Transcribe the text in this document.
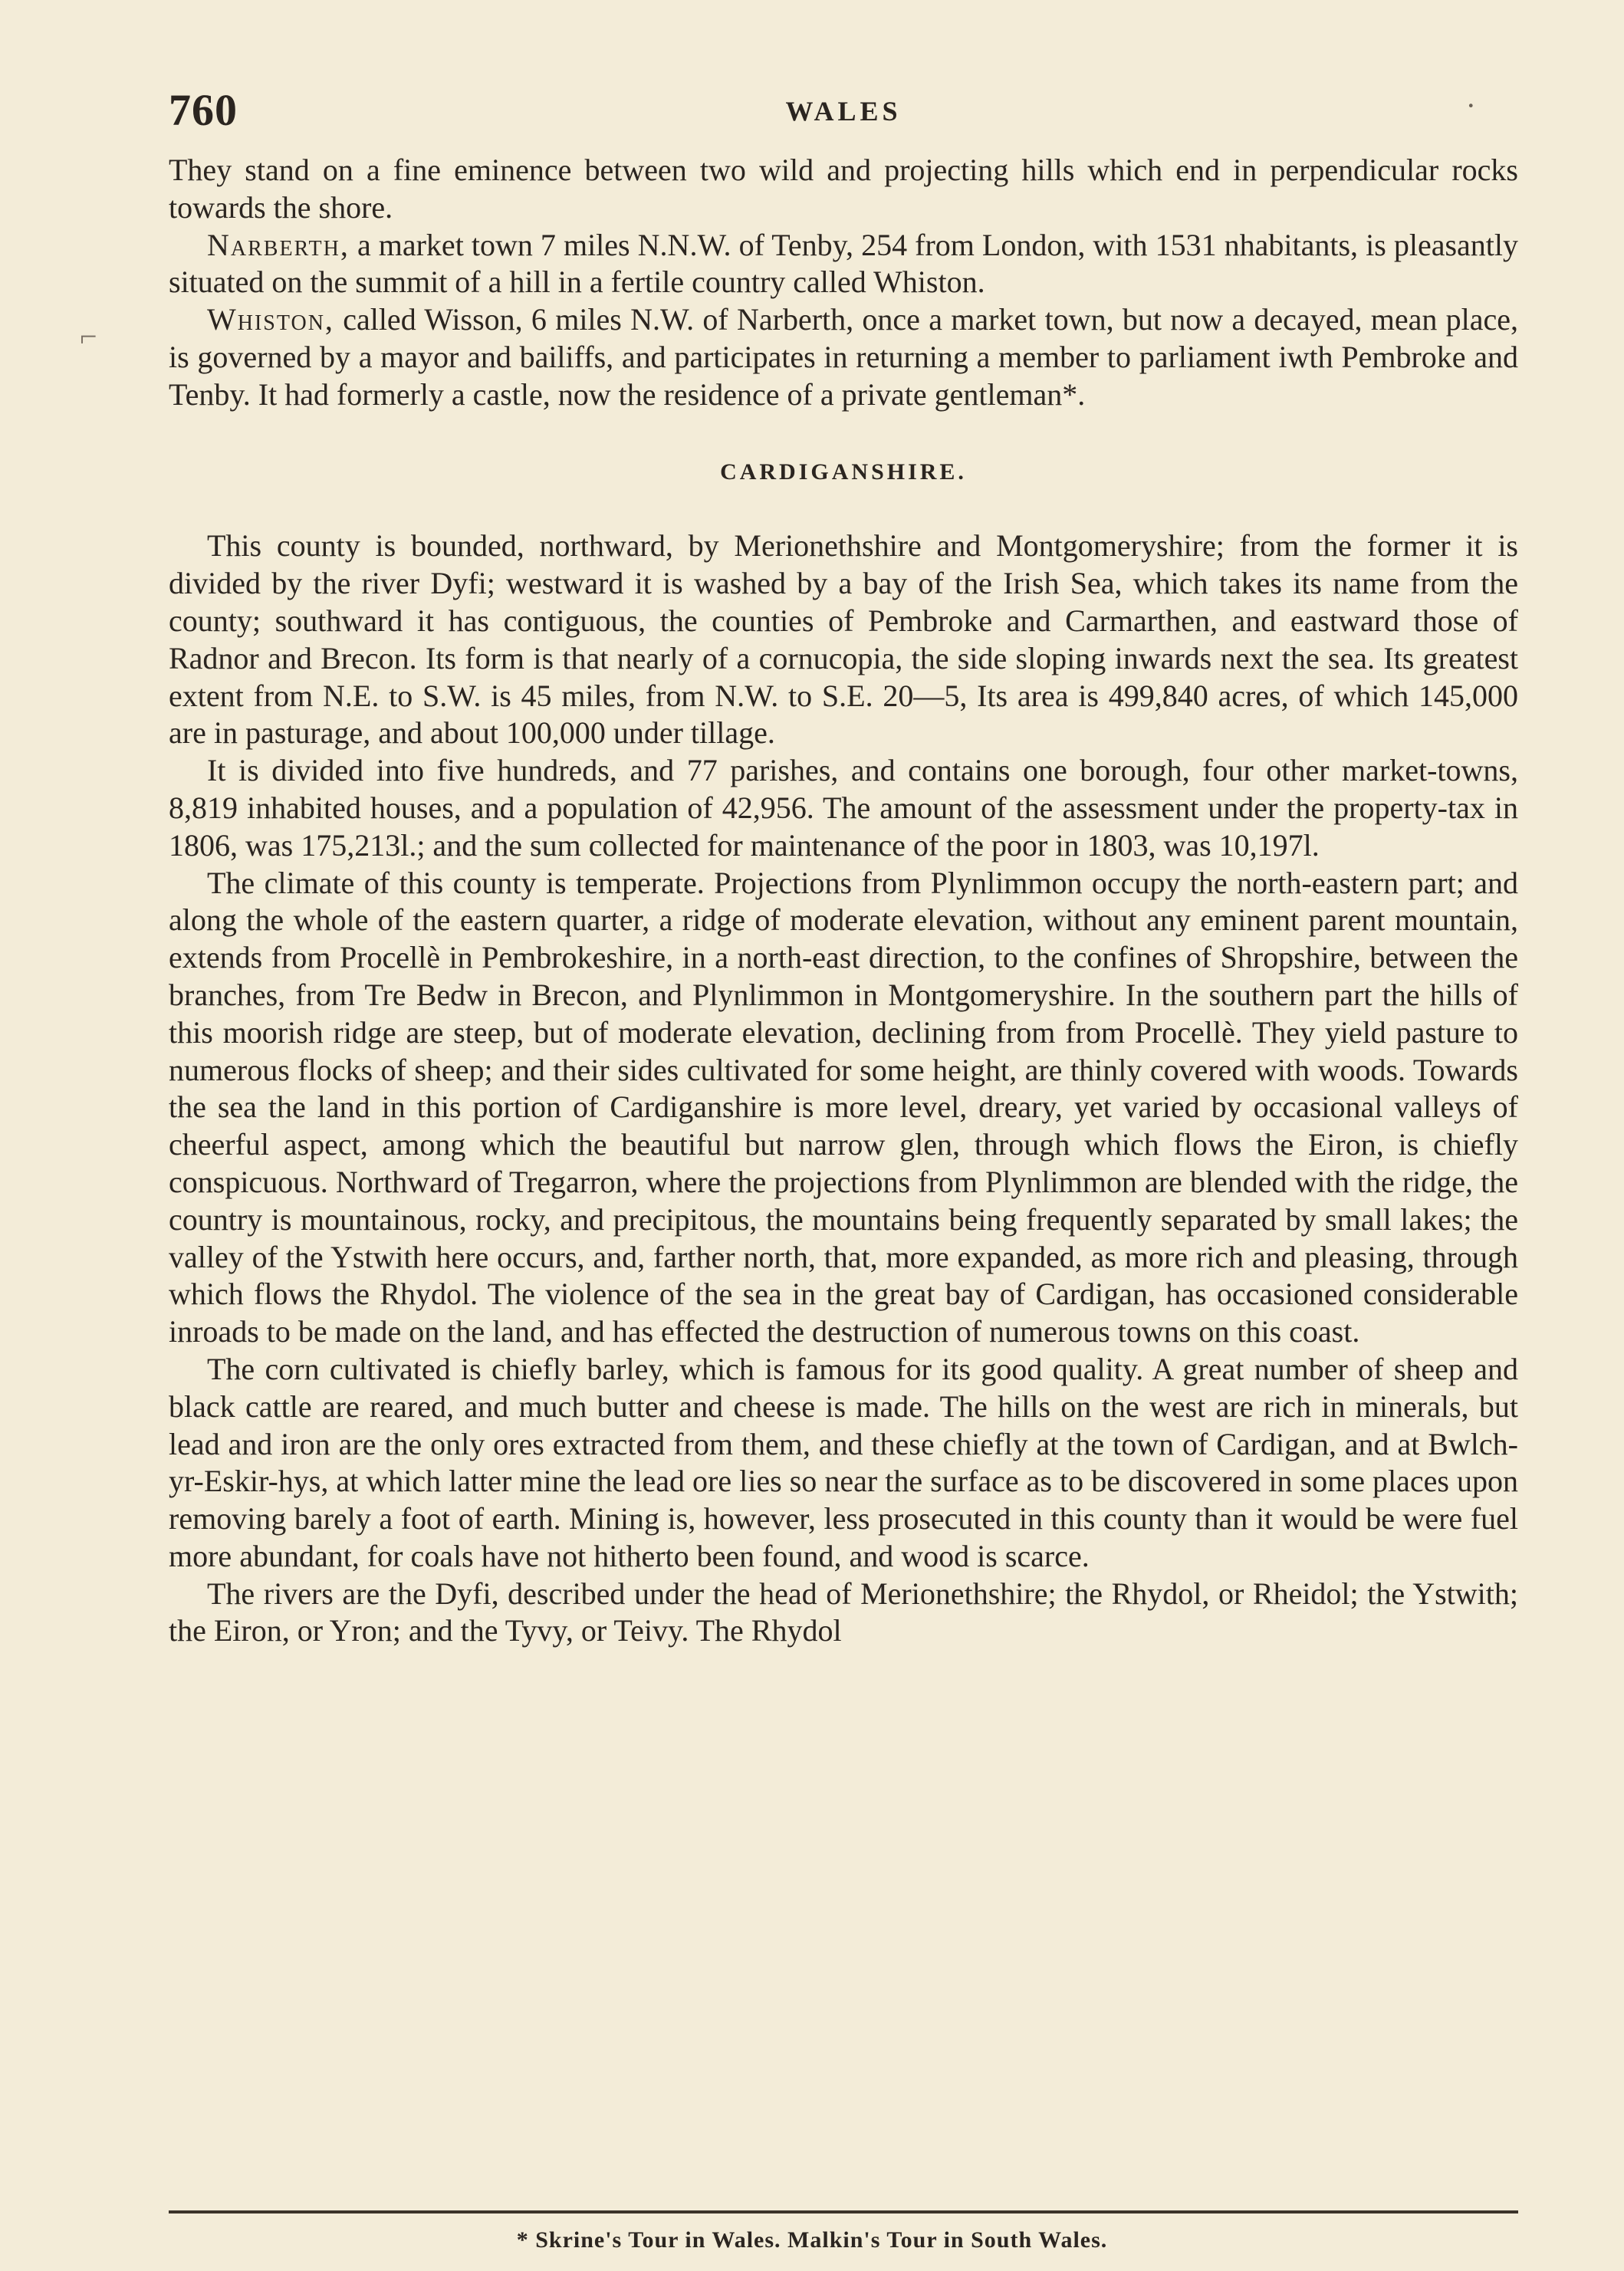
760	WALES	·
⌐

They stand on a fine eminence between two wild and projecting hills which end in perpendicular rocks towards the shore.

Narberth, a market town 7 miles N.N.W. of Tenby, 254 from London, with 1531 nhabitants, is pleasantly situated on the summit of a hill in a fertile country called Whiston.

Whiston, called Wisson, 6 miles N.W. of Narberth, once a market town, but now a decayed, mean place, is governed by a mayor and bailiffs, and participates in returning a member to parliament iwth Pembroke and Tenby. It had formerly a castle, now the residence of a private gentleman*.

CARDIGANSHIRE.

This county is bounded, northward, by Merionethshire and Montgomeryshire; from the former it is divided by the river Dyfi; westward it is washed by a bay of the Irish Sea, which takes its name from the county; southward it has contiguous, the counties of Pembroke and Carmarthen, and eastward those of Radnor and Brecon. Its form is that nearly of a cornucopia, the side sloping inwards next the sea. Its greatest extent from N.E. to S.W. is 45 miles, from N.W. to S.E. 20—5, Its area is 499,840 acres, of which 145,000 are in pasturage, and about 100,000 under tillage.

It is divided into five hundreds, and 77 parishes, and contains one borough, four other market-towns, 8,819 inhabited houses, and a population of 42,956. The amount of the assessment under the property-tax in 1806, was 175,213l.; and the sum collected for maintenance of the poor in 1803, was 10,197l.

The climate of this county is temperate. Projections from Plynlimmon occupy the north-eastern part; and along the whole of the eastern quarter, a ridge of moderate elevation, without any eminent parent mountain, extends from Procellè in Pembrokeshire, in a north-east direction, to the confines of Shropshire, between the branches, from Tre Bedw in Brecon, and Plynlimmon in Montgomeryshire. In the southern part the hills of this moorish ridge are steep, but of moderate elevation, declining from from Procellè. They yield pasture to numerous flocks of sheep; and their sides cultivated for some height, are thinly covered with woods. Towards the sea the land in this portion of Cardiganshire is more level, dreary, yet varied by occasional valleys of cheerful aspect, among which the beautiful but narrow glen, through which flows the Eiron, is chiefly conspicuous. Northward of Tregarron, where the projections from Plynlimmon are blended with the ridge, the country is mountainous, rocky, and precipitous, the mountains being frequently separated by small lakes; the valley of the Ystwith here occurs, and, farther north, that, more expanded, as more rich and pleasing, through which flows the Rhydol. The violence of the sea in the great bay of Cardigan, has occasioned considerable inroads to be made on the land, and has effected the destruction of numerous towns on this coast.

The corn cultivated is chiefly barley, which is famous for its good quality. A great number of sheep and black cattle are reared, and much butter and cheese is made. The hills on the west are rich in minerals, but lead and iron are the only ores extracted from them, and these chiefly at the town of Cardigan, and at Bwlch-yr-Eskir-hys, at which latter mine the lead ore lies so near the surface as to be discovered in some places upon removing barely a foot of earth. Mining is, however, less prosecuted in this county than it would be were fuel more abundant, for coals have not hitherto been found, and wood is scarce.

The rivers are the Dyfi, described under the head of Merionethshire; the Rhydol, or Rheidol; the Ystwith; the Eiron, or Yron; and the Tyvy, or Teivy. The Rhydol

* Skrine's Tour in Wales. Malkin's Tour in South Wales.
